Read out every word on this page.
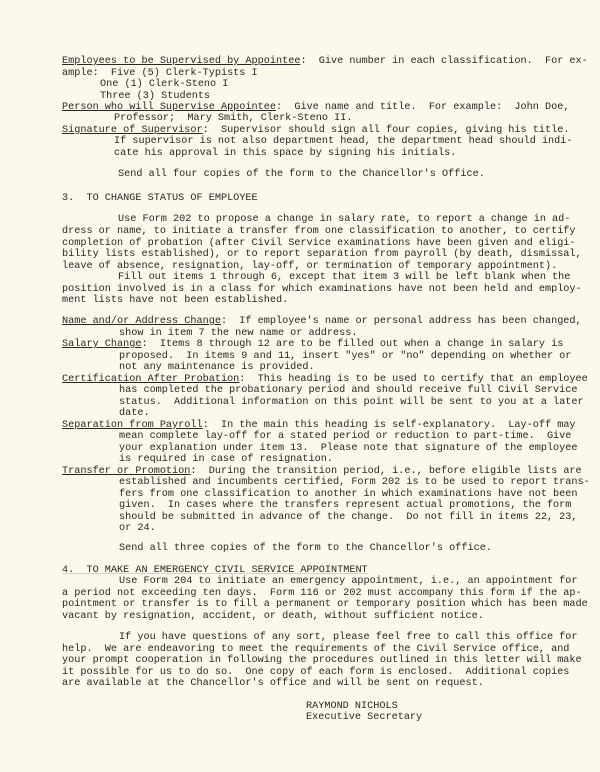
Employees to be Supervised by Appointee:  Give number in each classification.  For ex-
ample:  Five (5) Clerk-Typists I
One (1) Clerk-Steno I
Three (3) Students
Person who will Supervise Appointee:  Give name and title.  For example:  John Doe,
Professor;  Mary Smith, Clerk-Steno II.
Signature of Supervisor:  Supervisor should sign all four copies, giving his title.
If supervisor is not also department head, the department head should indi-
cate his approval in this space by signing his initials.
Send all four copies of the form to the Chancellor's Office.
3.  TO CHANGE STATUS OF EMPLOYEE
Use Form 202 to propose a change in salary rate, to report a change in ad-
dress or name, to initiate a transfer from one classification to another, to certify
completion of probation (after Civil Service examinations have been given and eligi-
bility lists established), or to report separation from payroll (by death, dismissal,
leave of absence, resignation, lay-off, or termination of temporary appointment).
Fill out items 1 through 6, except that item 3 will be left blank when the
position involved is in a class for which examinations have not been held and employ-
ment lists have not been established.
Name and/or Address Change:  If employee's name or personal address has been changed,
show in item 7 the new name or address.
Salary Change:  Items 8 through 12 are to be filled out when a change in salary is
proposed.  In items 9 and 11, insert "yes" or "no" depending on whether or
not any maintenance is provided.
Certification After Probation:  This heading is to be used to certify that an employee
has completed the probationary period and should receive full Civil Service
status.  Additional information on this point will be sent to you at a later
date.
Separation from Payroll:  In the main this heading is self-explanatory.  Lay-off may
mean complete lay-off for a stated period or reduction to part-time.  Give
your explanation under item 13.  Please note that signature of the employee
is required in case of resignation.
Transfer or Promotion:  During the transition period, i.e., before eligible lists are
established and incumbents certified, Form 202 is to be used to report trans-
fers from one classification to another in which examinations have not been
given.  In cases where the transfers represent actual promotions, the form
should be submitted in advance of the change.  Do not fill in items 22, 23,
or 24.
Send all three copies of the form to the Chancellor's office.
4.  TO MAKE AN EMERGENCY CIVIL SERVICE APPOINTMENT
Use Form 204 to initiate an emergency appointment, i.e., an appointment for
a period not exceeding ten days.  Form 116 or 202 must accompany this form if the ap-
pointment or transfer is to fill a permanent or temporary position which has been made
vacant by resignation, accident, or death, without sufficient notice.
If you have questions of any sort, please feel free to call this office for
help.  We are endeavoring to meet the requirements of the Civil Service office, and
your prompt cooperation in following the procedures outlined in this letter will make
it possible for us to do so.  One copy of each form is enclosed.  Additional copies
are available at the Chancellor's office and will be sent on request.
RAYMOND NICHOLS
Executive Secretary
